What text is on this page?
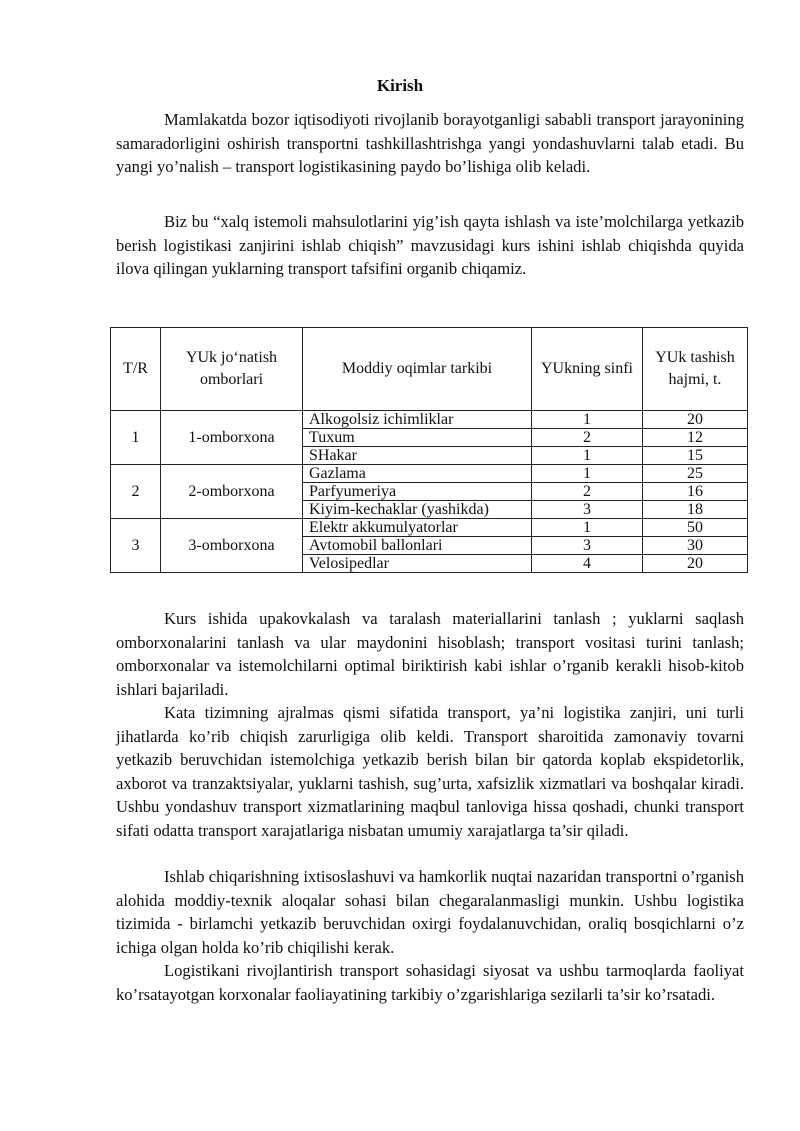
Kirish

Mamlakatda bozor iqtisodiyoti rivojlanib borayotganligi sababli transport jarayonining samaradorligini oshirish transportni tashkillashtrishga yangi yondashuvlarni talab etadi. Bu yangi yo’nalish – transport logistikasining paydo bo’lishiga olib keladi.

Biz bu “xalq istemoli mahsulotlarini yig’ish qayta ishlash va iste’molchilarga yetkazib berish logistikasi zanjirini ishlab chiqish” mavzusidagi kurs ishini ishlab chiqishda quyida ilova qilingan yuklarning transport tafsifini organib chiqamiz.

T/R	YUk jo‘natish omborlari	Moddiy oqimlar tarkibi	YUkning sinfi	YUk tashish hajmi, t.
1	1-omborxona	Alkogolsiz ichimliklar	1	20
		Tuxum	2	12
		SHakar	1	15
2	2-omborxona	Gazlama	1	25
		Parfyumeriya	2	16
		Kiyim-kechaklar (yashikda)	3	18
3	3-omborxona	Elektr akkumulyatorlar	1	50
		Avtomobil ballonlari	3	30
		Velosipedlar	4	20

Kurs ishida upakovkalash va taralash materiallarini tanlash ; yuklarni saqlash omborxonalarini tanlash va ular maydonini hisoblash; transport vositasi turini tanlash; omborxonalar va istemolchilarni optimal biriktirish kabi ishlar o’rganib kerakli hisob-kitob ishlari bajariladi.

Kata tizimning ajralmas qismi sifatida transport, ya’ni logistika zanjiri, uni turli jihatlarda ko’rib chiqish zarurligiga olib keldi. Transport sharoitida zamonaviy tovarni yetkazib beruvchidan istemolchiga yetkazib berish bilan bir qatorda koplab ekspidetorlik, axborot va tranzaktsiyalar, yuklarni tashish, sug’urta, xafsizlik xizmatlari va boshqalar kiradi. Ushbu yondashuv transport xizmatlarining maqbul tanloviga hissa qoshadi, chunki transport sifati odatta transport xarajatlariga nisbatan umumiy xarajatlarga ta’sir qiladi.

Ishlab chiqarishning ixtisoslashuvi va hamkorlik nuqtai nazaridan transportni o’rganish alohida moddiy-texnik aloqalar sohasi bilan chegaralanmasligi munkin. Ushbu logistika tizimida - birlamchi yetkazib beruvchidan oxirgi foydalanuvchidan, oraliq bosqichlarni o’z ichiga olgan holda ko’rib chiqilishi kerak.

Logistikani rivojlantirish transport sohasidagi siyosat va ushbu tarmoqlarda faoliyat ko’rsatayotgan korxonalar faoliayatining tarkibiy o’zgarishlariga sezilarli ta’sir ko’rsatadi.
